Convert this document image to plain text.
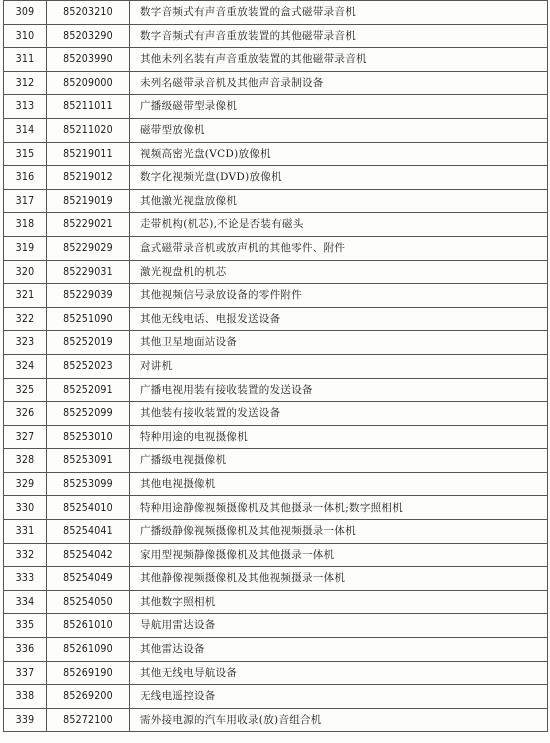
309	85203210	数字音频式有声音重放装置的盒式磁带录音机
310	85203290	数字音频式有声音重放装置的其他磁带录音机
311	85203990	其他未列名装有声音重放装置的其他磁带录音机
312	85209000	未列名磁带录音机及其他声音录制设备
313	85211011	广播级磁带型录像机
314	85211020	磁带型放像机
315	85219011	视频高密光盘(VCD)放像机
316	85219012	数字化视频光盘(DVD)放像机
317	85219019	其他激光视盘放像机
318	85229021	走带机构(机芯),不论是否装有磁头
319	85229029	盒式磁带录音机或放声机的其他零件、附件
320	85229031	激光视盘机的机芯
321	85229039	其他视频信号录放设备的零件附件
322	85251090	其他无线电话、电报发送设备
323	85252019	其他卫星地面站设备
324	85252023	对讲机
325	85252091	广播电视用装有接收装置的发送设备
326	85252099	其他装有接收装置的发送设备
327	85253010	特种用途的电视摄像机
328	85253091	广播级电视摄像机
329	85253099	其他电视摄像机
330	85254010	特种用途静像视频摄像机及其他摄录一体机;数字照相机
331	85254041	广播级静像视频摄像机及其他视频摄录一体机
332	85254042	家用型视频静像摄像机及其他摄录一体机
333	85254049	其他静像视频摄像机及其他视频摄录一体机
334	85254050	其他数字照相机
335	85261010	导航用雷达设备
336	85261090	其他雷达设备
337	85269190	其他无线电导航设备
338	85269200	无线电遥控设备
339	85272100	需外接电源的汽车用收录(放)音组合机
